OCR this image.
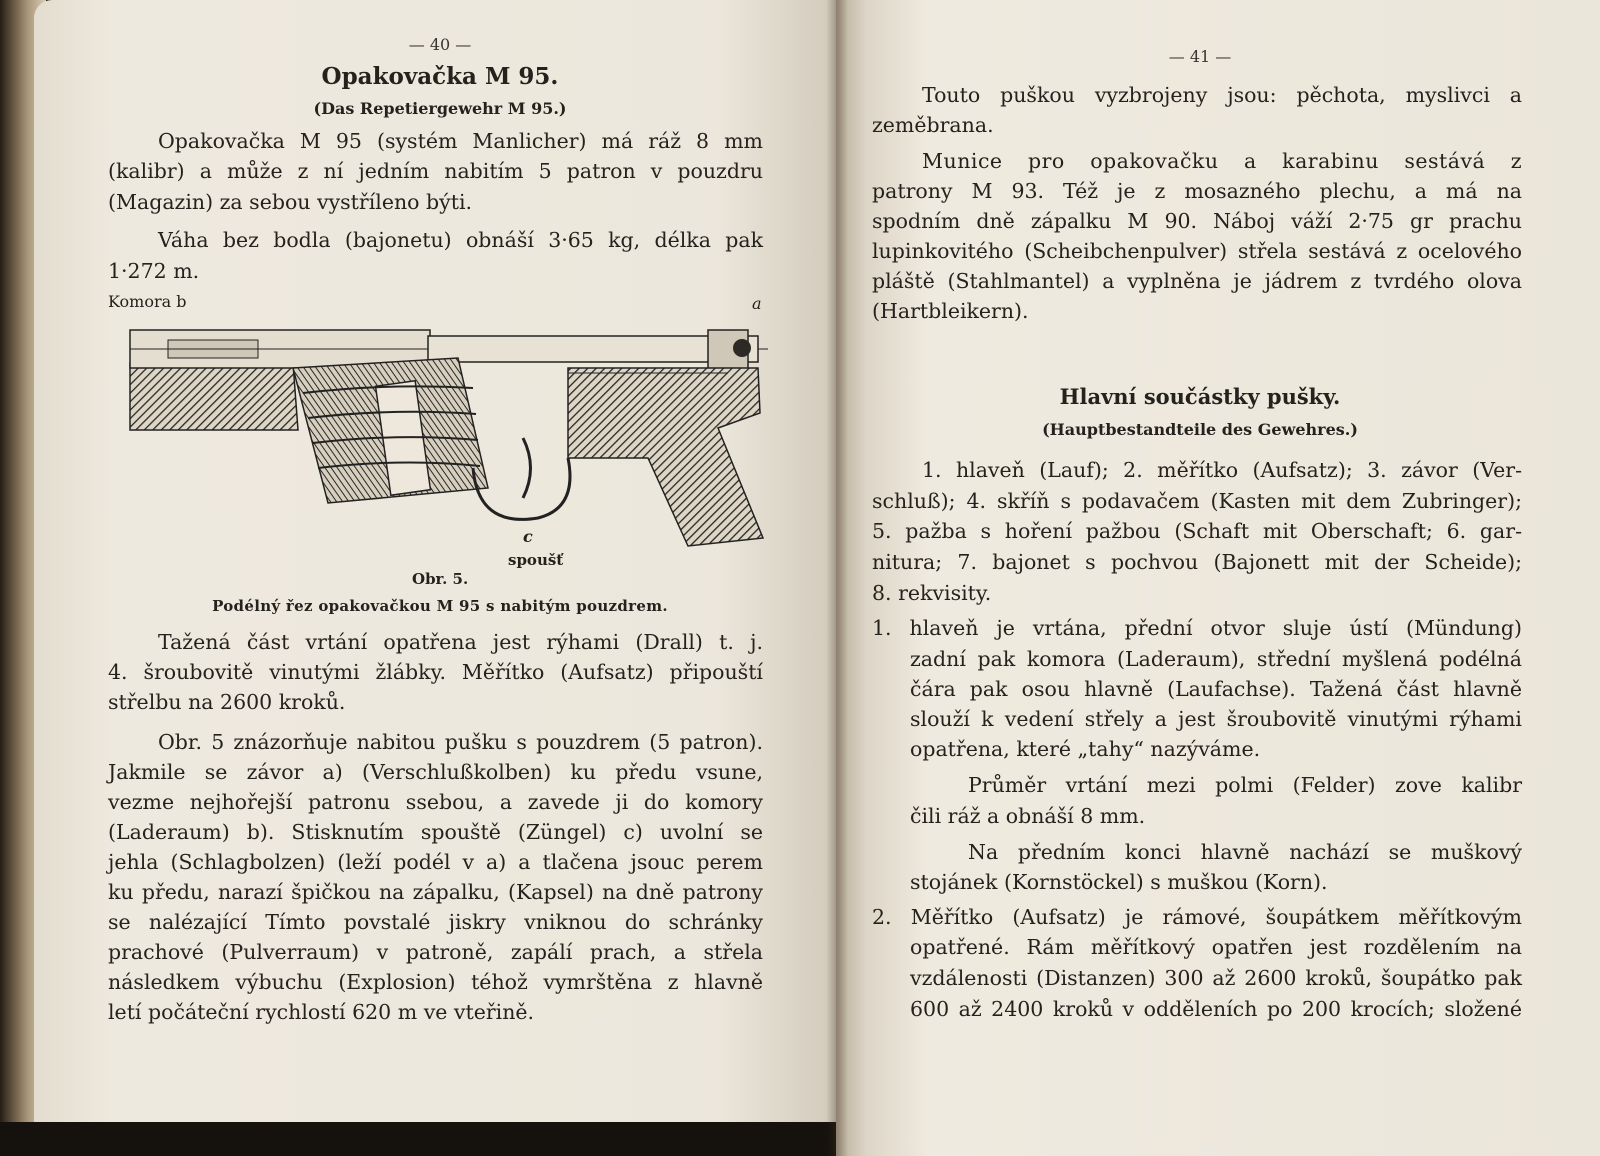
— 40 —
Opakovačka M 95.
(Das Repetiergewehr M 95.)
Opakovačka M 95 (systém Manlicher) má ráž 8 mm
(kalibr) a může z ní jedním nabitím 5 patron v pouzdru
(Magazin) za sebou vystříleno býti.
Váha bez bodla (bajonetu) obnáší 3·65 kg, délka pak
1·272 m.
Komora b	a
c
spoušť
Obr. 5.
Podélný řez opakovačkou M 95 s nabitým pouzdrem.
Tažená část vrtání opatřena jest rýhami (Drall) t. j.
4. šroubovitě vinutými žlábky. Měřítko (Aufsatz) připouští
střelbu na 2600 kroků.
Obr. 5 znázorňuje nabitou pušku s pouzdrem (5 patron).
Jakmile se závor a) (Verschlußkolben) ku předu vsune,
vezme nejhořejší patronu ssebou, a zavede ji do komory
(Laderaum) b). Stisknutím spouště (Züngel) c) uvolní se
jehla (Schlagbolzen) (leží podél v a) a tlačena jsouc perem
ku předu, narazí špičkou na zápalku, (Kapsel) na dně patrony
se nalézající Tímto povstalé jiskry vniknou do schránky
prachové (Pulverraum) v patroně, zapálí prach, a střela
následkem výbuchu (Explosion) téhož vymrštěna z hlavně
letí počáteční rychlostí 620 m ve vteřině.
— 41 —
Touto puškou vyzbrojeny jsou: pěchota, myslivci a
zeměbrana.
Munice pro opakovačku a karabinu sestává z
patrony M 93. Též je z mosazného plechu, a má na
spodním dně zápalku M 90. Náboj váží 2·75 gr prachu
lupinkovitého (Scheibchenpulver) střela sestává z ocelového
pláště (Stahlmantel) a vyplněna je jádrem z tvrdého olova
(Hartbleikern).
Hlavní součástky pušky.
(Hauptbestandteile des Gewehres.)
1. hlaveň (Lauf); 2. měřítko (Aufsatz); 3. závor (Ver-
schluß); 4. skříň s podavačem (Kasten mit dem Zubringer);
5. pažba s hoření pažbou (Schaft mit Oberschaft; 6. gar-
nitura; 7. bajonet s pochvou (Bajonett mit der Scheide);
8. rekvisity.
1. hlaveň je vrtána, přední otvor sluje ústí (Mündung)
zadní pak komora (Laderaum), střední myšlená podélná
čára pak osou hlavně (Laufachse). Tažená část hlavně
slouží k vedení střely a jest šroubovitě vinutými rýhami
opatřena, které „tahy“ nazýváme.
Průměr vrtání mezi polmi (Felder) zove kalibr
čili ráž a obnáší 8 mm.
Na předním konci hlavně nachází se muškový
stojánek (Kornstöckel) s muškou (Korn).
2. Měřítko (Aufsatz) je rámové, šoupátkem měřítkovým
opatřené. Rám měřítkový opatřen jest rozdělením na
vzdálenosti (Distanzen) 300 až 2600 kroků, šoupátko pak
600 až 2400 kroků v odděleních po 200 krocích; složené
